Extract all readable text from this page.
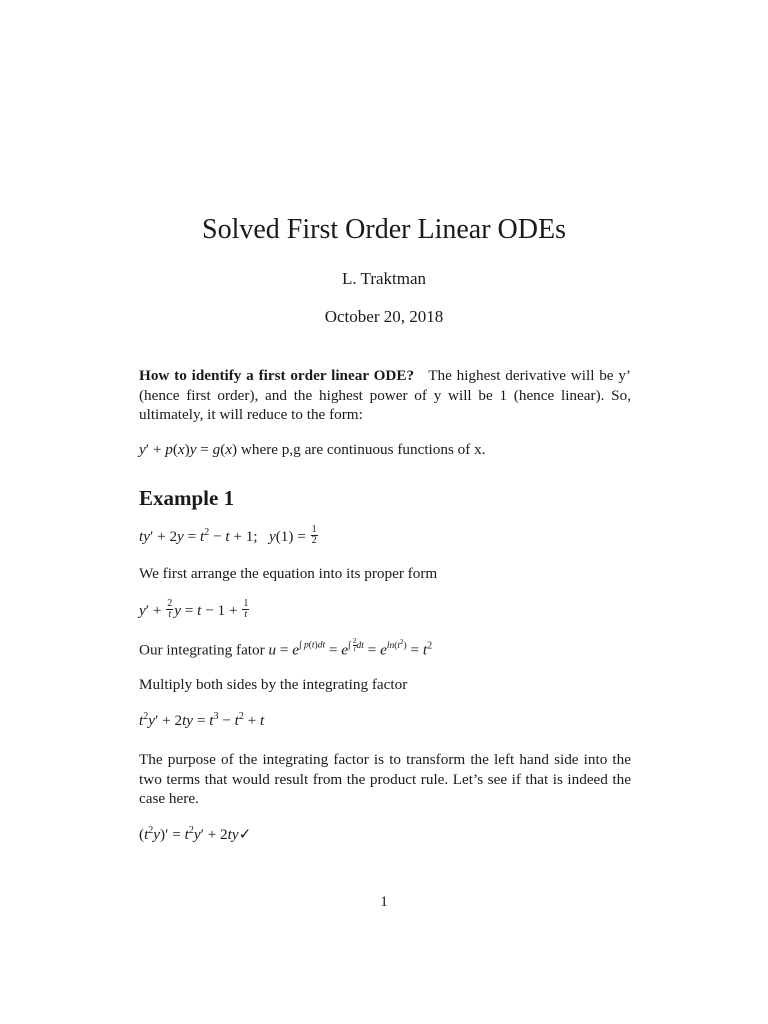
Solved First Order Linear ODEs
L. Traktman
October 20, 2018
How to identify a first order linear ODE? The highest derivative will be y’ (hence first order), and the highest power of y will be 1 (hence linear). So, ultimately, it will reduce to the form:
y′ + p(x)y = g(x) where p,g are continuous functions of x.
Example 1
$ty' + 2y = t^2 - t + 1$;   $y(1) = \frac{1}{2}$
We first arrange the equation into its proper form
$y' + \frac{2}{t}$ $y = t - 1 + \frac{1}{t}$
Our integrating fator $u = e^{\int p(t)dt} = e^{\int \frac{2}{t} dt} = e^{ln(t^2)} = t^2$
Multiply both sides by the integrating factor
$t^2y' + 2ty = t^3 - t^2 + t$
The purpose of the integrating factor is to transform the left hand side into the two terms that would result from the product rule. Let’s see if that is indeed the case here.
$(t^2y)' = t^2y'$ + 2ty✓
1
